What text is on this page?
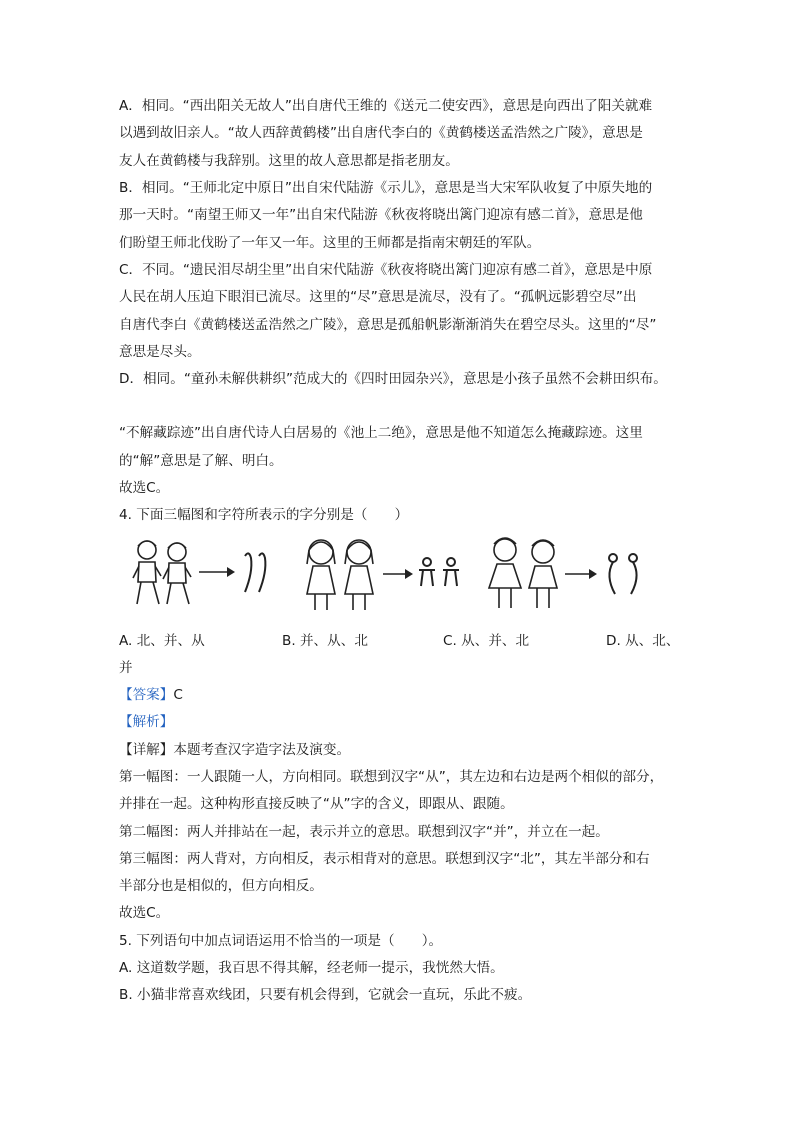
A．相同。“西出阳关无故人”出自唐代王维的《送元二使安西》，意思是向西出了阳关就难
以遇到故旧亲人。“故人西辞黄鹤楼”出自唐代李白的《黄鹤楼送孟浩然之广陵》，意思是
友人在黄鹤楼与我辞别。这里的故人意思都是指老朋友。
B．相同。“王师北定中原日”出自宋代陆游《示儿》，意思是当大宋军队收复了中原失地的
那一天时。“南望王师又一年”出自宋代陆游《秋夜将晓出篱门迎凉有感二首》，意思是他
们盼望王师北伐盼了一年又一年。这里的王师都是指南宋朝廷的军队。
C．不同。“遗民泪尽胡尘里”出自宋代陆游《秋夜将晓出篱门迎凉有感二首》，意思是中原
人民在胡人压迫下眼泪已流尽。这里的“尽”意思是流尽，没有了。“孤帆远影碧空尽”出
自唐代李白《黄鹤楼送孟浩然之广陵》，意思是孤船帆影渐渐消失在碧空尽头。这里的“尽”
意思是尽头。
D．相同。“童孙未解供耕织”范成大的《四时田园杂兴》，意思是小孩子虽然不会耕田织布。
“不解藏踪迹”出自唐代诗人白居易的《池上二绝》，意思是他不知道怎么掩藏踪迹。这里
的“解”意思是了解、明白。
故选C。
4. 下面三幅图和字符所表示的字分别是（　　）
A. 北、并、从	B. 并、从、北	C. 从、并、北	D. 从、北、
并
【答案】C
【解析】
【详解】本题考查汉字造字法及演变。
第一幅图：一人跟随一人，方向相同。联想到汉字“从”，其左边和右边是两个相似的部分，
并排在一起。这种构形直接反映了“从”字的含义，即跟从、跟随。
第二幅图：两人并排站在一起，表示并立的意思。联想到汉字“并”，并立在一起。
第三幅图：两人背对，方向相反，表示相背对的意思。联想到汉字“北”，其左半部分和右
半部分也是相似的，但方向相反。
故选C。
5. 下列语句中加点词语运用不恰当的一项是（　　）。
A. 这道数学题，我百思不得其解，经老师一提示，我恍然大悟。
B. 小猫非常喜欢线团，只要有机会得到，它就会一直玩，乐此不疲。
